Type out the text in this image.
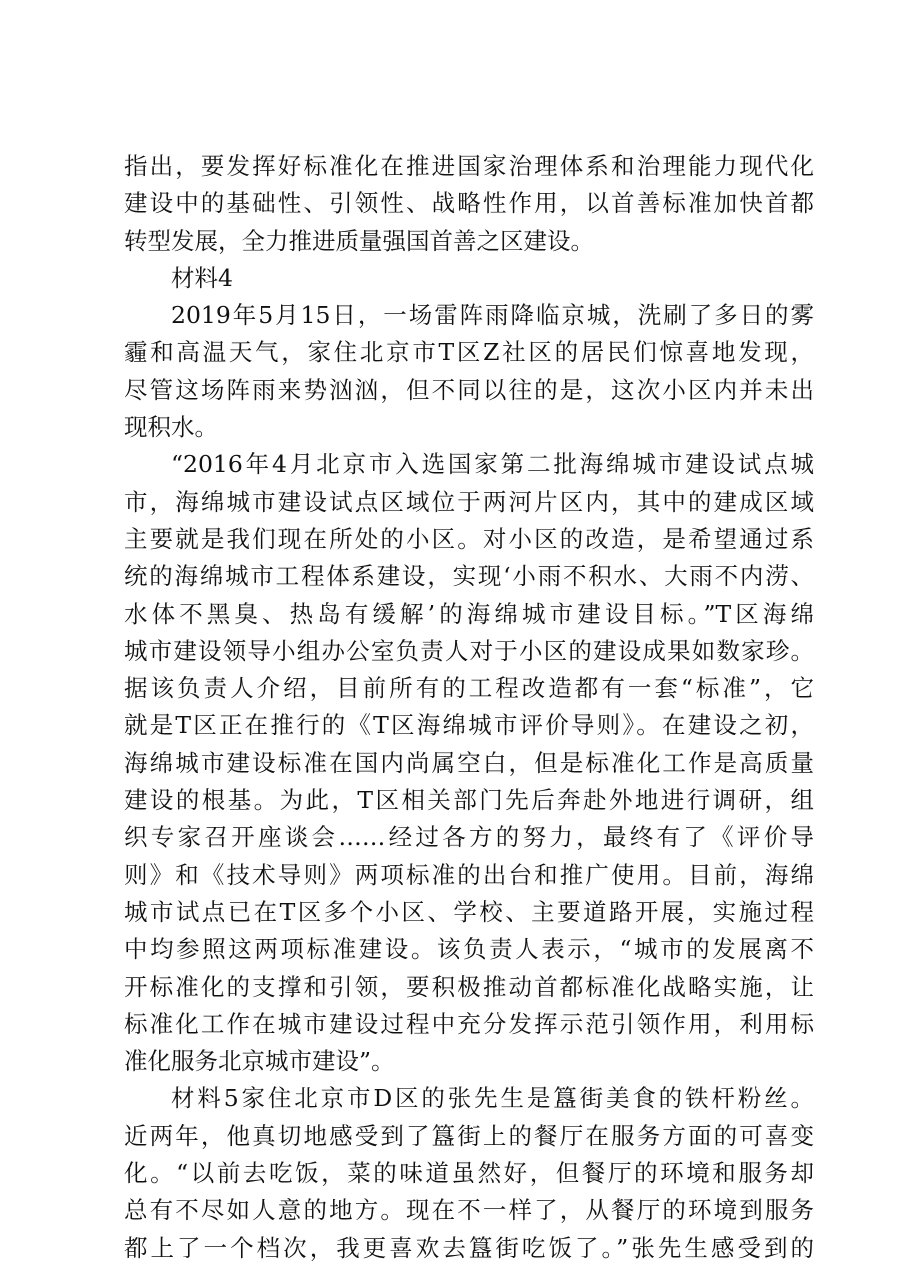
指出，要发挥好标准化在推进国家治理体系和治理能力现代化
建设中的基础性、引领性、战略性作用，以首善标准加快首都
转型发展，全力推进质量强国首善之区建设。
材料4
2019年5月15日，一场雷阵雨降临京城，洗刷了多日的雾
霾和高温天气，家住北京市T区Z社区的居民们惊喜地发现，
尽管这场阵雨来势汹汹，但不同以往的是，这次小区内并未出
现积水。
“2016年4月北京市入选国家第二批海绵城市建设试点城
市，海绵城市建设试点区域位于两河片区内，其中的建成区域
主要就是我们现在所处的小区。对小区的改造，是希望通过系
统的海绵城市工程体系建设，实现‘小雨不积水、大雨不内涝、
水体不黑臭、热岛有缓解’的海绵城市建设目标。”T区海绵
城市建设领导小组办公室负责人对于小区的建设成果如数家珍。
据该负责人介绍，目前所有的工程改造都有一套“标准”，它
就是T区正在推行的《T区海绵城市评价导则》。在建设之初，
海绵城市建设标准在国内尚属空白，但是标准化工作是高质量
建设的根基。为此，T区相关部门先后奔赴外地进行调研，组
织专家召开座谈会……经过各方的努力，最终有了《评价导
则》和《技术导则》两项标准的出台和推广使用。目前，海绵
城市试点已在T区多个小区、学校、主要道路开展，实施过程
中均参照这两项标准建设。该负责人表示，“城市的发展离不
开标准化的支撑和引领，要积极推动首都标准化战略实施，让
标准化工作在城市建设过程中充分发挥示范引领作用，利用标
准化服务北京城市建设”。
材料5家住北京市D区的张先生是簋街美食的铁杆粉丝。
近两年，他真切地感受到了簋街上的餐厅在服务方面的可喜变
化。“以前去吃饭，菜的味道虽然好，但餐厅的环境和服务却
总有不尽如人意的地方。现在不一样了，从餐厅的环境到服务
都上了一个档次，我更喜欢去簋街吃饭了。”张先生感受到的
